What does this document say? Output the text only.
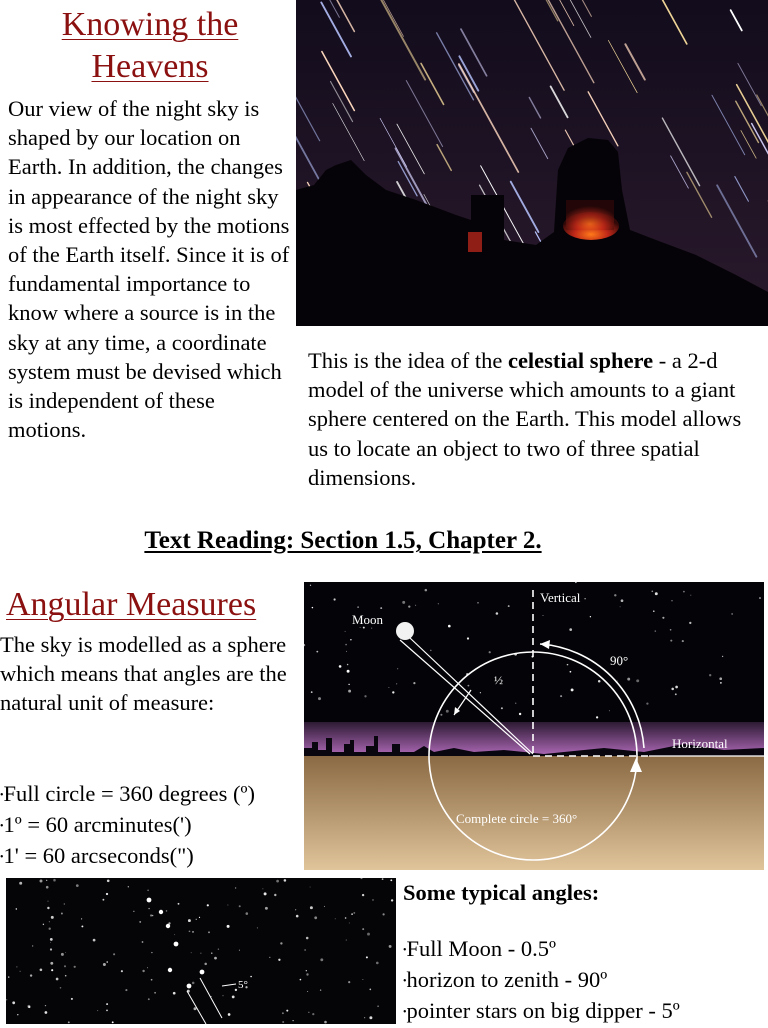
Knowing the
Heavens
Our view of the night sky is shaped by our location on Earth. In addition, the changes in appearance of the night sky is most effected by the motions of the Earth itself. Since it is of fundamental importance to know where a source is in the sky at any time, a coordinate system must be devised which is independent of these motions.
This is the idea of the celestial sphere - a 2-d model of the universe which amounts to a giant sphere centered on the Earth. This model allows us to locate an object to two of three spatial dimensions.
Text Reading: Section 1.5, Chapter 2.
Angular Measures
The sky is modelled as a sphere which means that angles are the natural unit of measure:
•Full circle = 360 degrees (º)
•1º = 60 arcminutes(')
•1' = 60 arcseconds(")
Vertical
Moon
90°
½
Horizontal
Complete circle = 360°
5°
Some typical angles:
•Full Moon - 0.5º
•horizon to zenith - 90º
•pointer stars on big dipper - 5º
